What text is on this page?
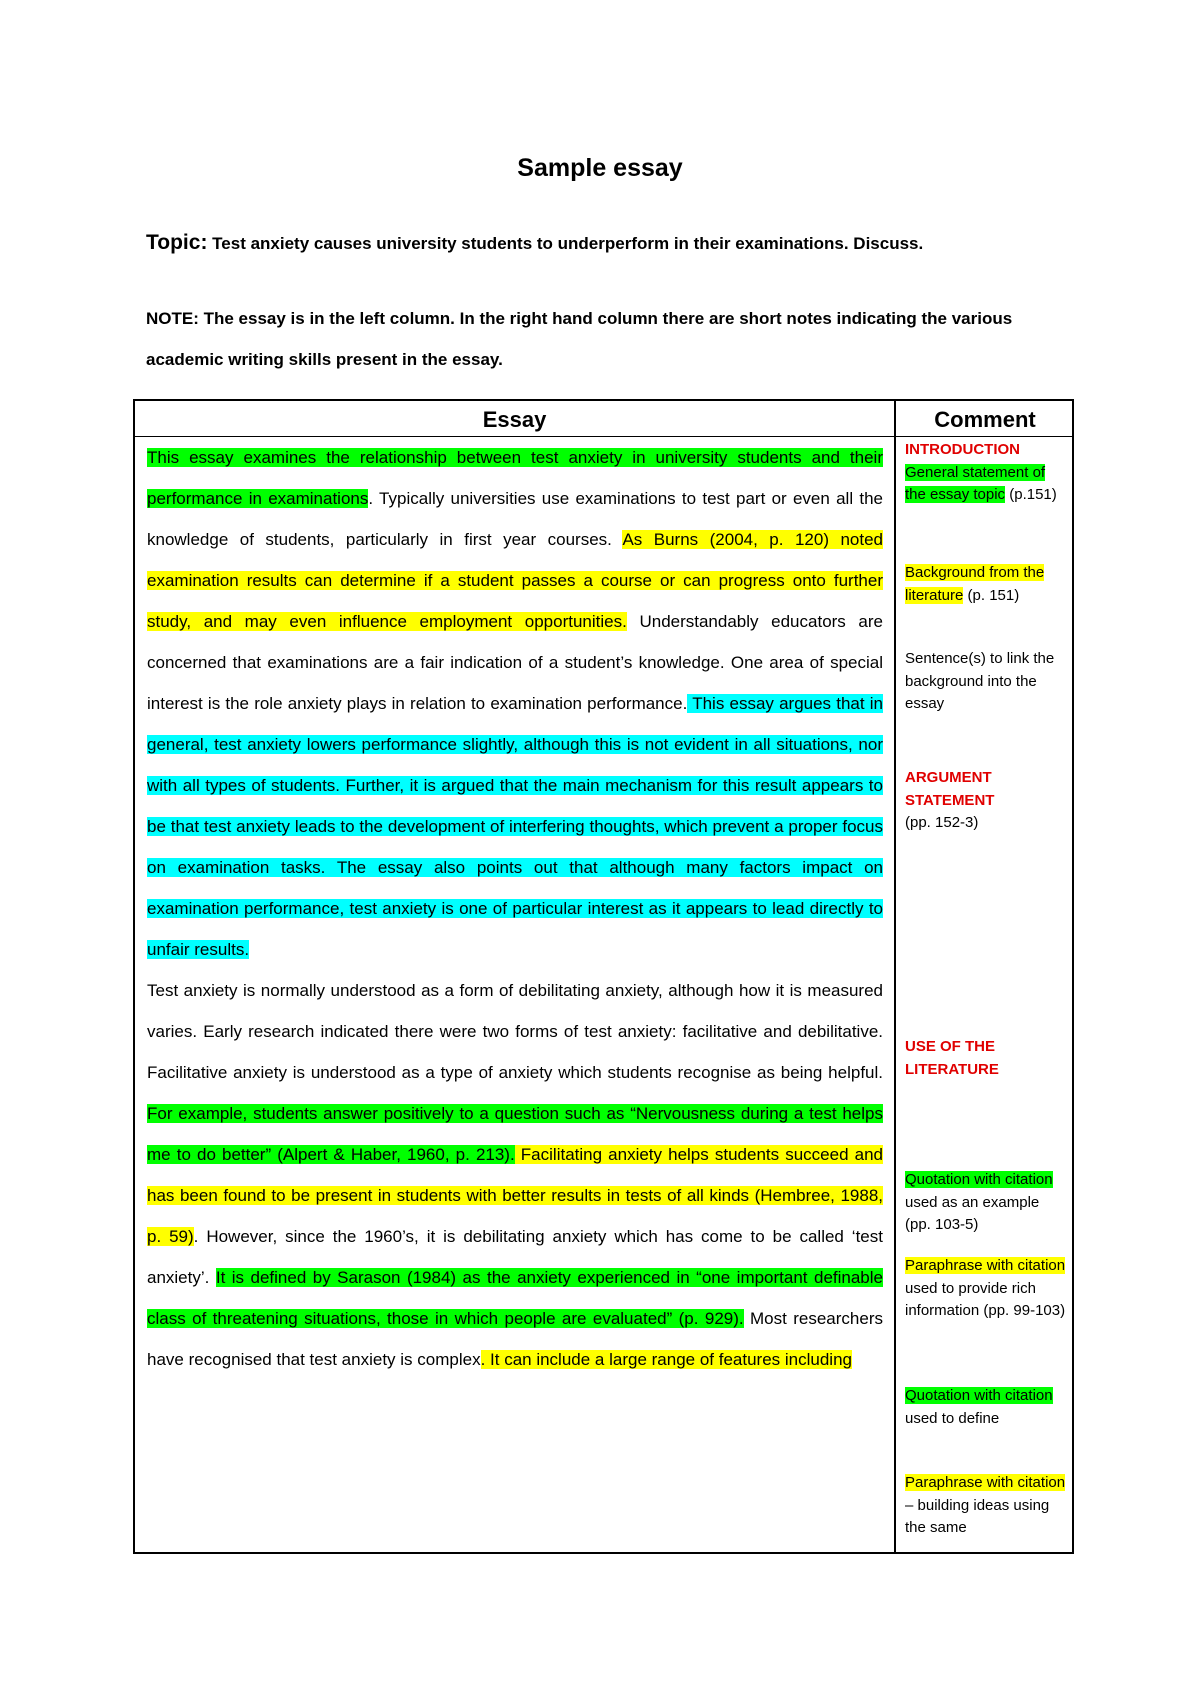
Sample essay
Topic: Test anxiety causes university students to underperform in their examinations. Discuss.
NOTE: The essay is in the left column. In the right hand column there are short notes indicating the various academic writing skills present in the essay.
Essay	Comment

This essay examines the relationship between test anxiety in university students and their performance in examinations. Typically universities use examinations to test part or even all the knowledge of students, particularly in first year courses. As Burns (2004, p. 120) noted examination results can determine if a student passes a course or can progress onto further study, and may even influence employment opportunities. Understandably educators are concerned that examinations are a fair indication of a student’s knowledge. One area of special interest is the role anxiety plays in relation to examination performance. This essay argues that in general, test anxiety lowers performance slightly, although this is not evident in all situations, nor with all types of students. Further, it is argued that the main mechanism for this result appears to be that test anxiety leads to the development of interfering thoughts, which prevent a proper focus on examination tasks. The essay also points out that although many factors impact on examination performance, test anxiety is one of particular interest as it appears to lead directly to unfair results.

Test anxiety is normally understood as a form of debilitating anxiety, although how it is measured varies. Early research indicated there were two forms of test anxiety: facilitative and debilitative. Facilitative anxiety is understood as a type of anxiety which students recognise as being helpful. For example, students answer positively to a question such as “Nervousness during a test helps me to do better” (Alpert & Haber, 1960, p. 213). Facilitating anxiety helps students succeed and has been found to be present in students with better results in tests of all kinds (Hembree, 1988, p. 59). However, since the 1960’s, it is debilitating anxiety which has come to be called ‘test anxiety’. It is defined by Sarason (1984) as the anxiety experienced in “one important definable class of threatening situations, those in which people are evaluated” (p. 929). Most researchers have recognised that test anxiety is complex. It can include a large range of features including

INTRODUCTION
General statement of the essay topic (p.151)
Background from the literature (p. 151)
Sentence(s) to link the background into the essay
ARGUMENT STATEMENT
(pp. 152-3)
USE OF THE LITERATURE
Quotation with citation used as an example (pp. 103-5)
Paraphrase with citation used to provide rich information (pp. 99-103)
Quotation with citation used to define
Paraphrase with citation – building ideas using the same
